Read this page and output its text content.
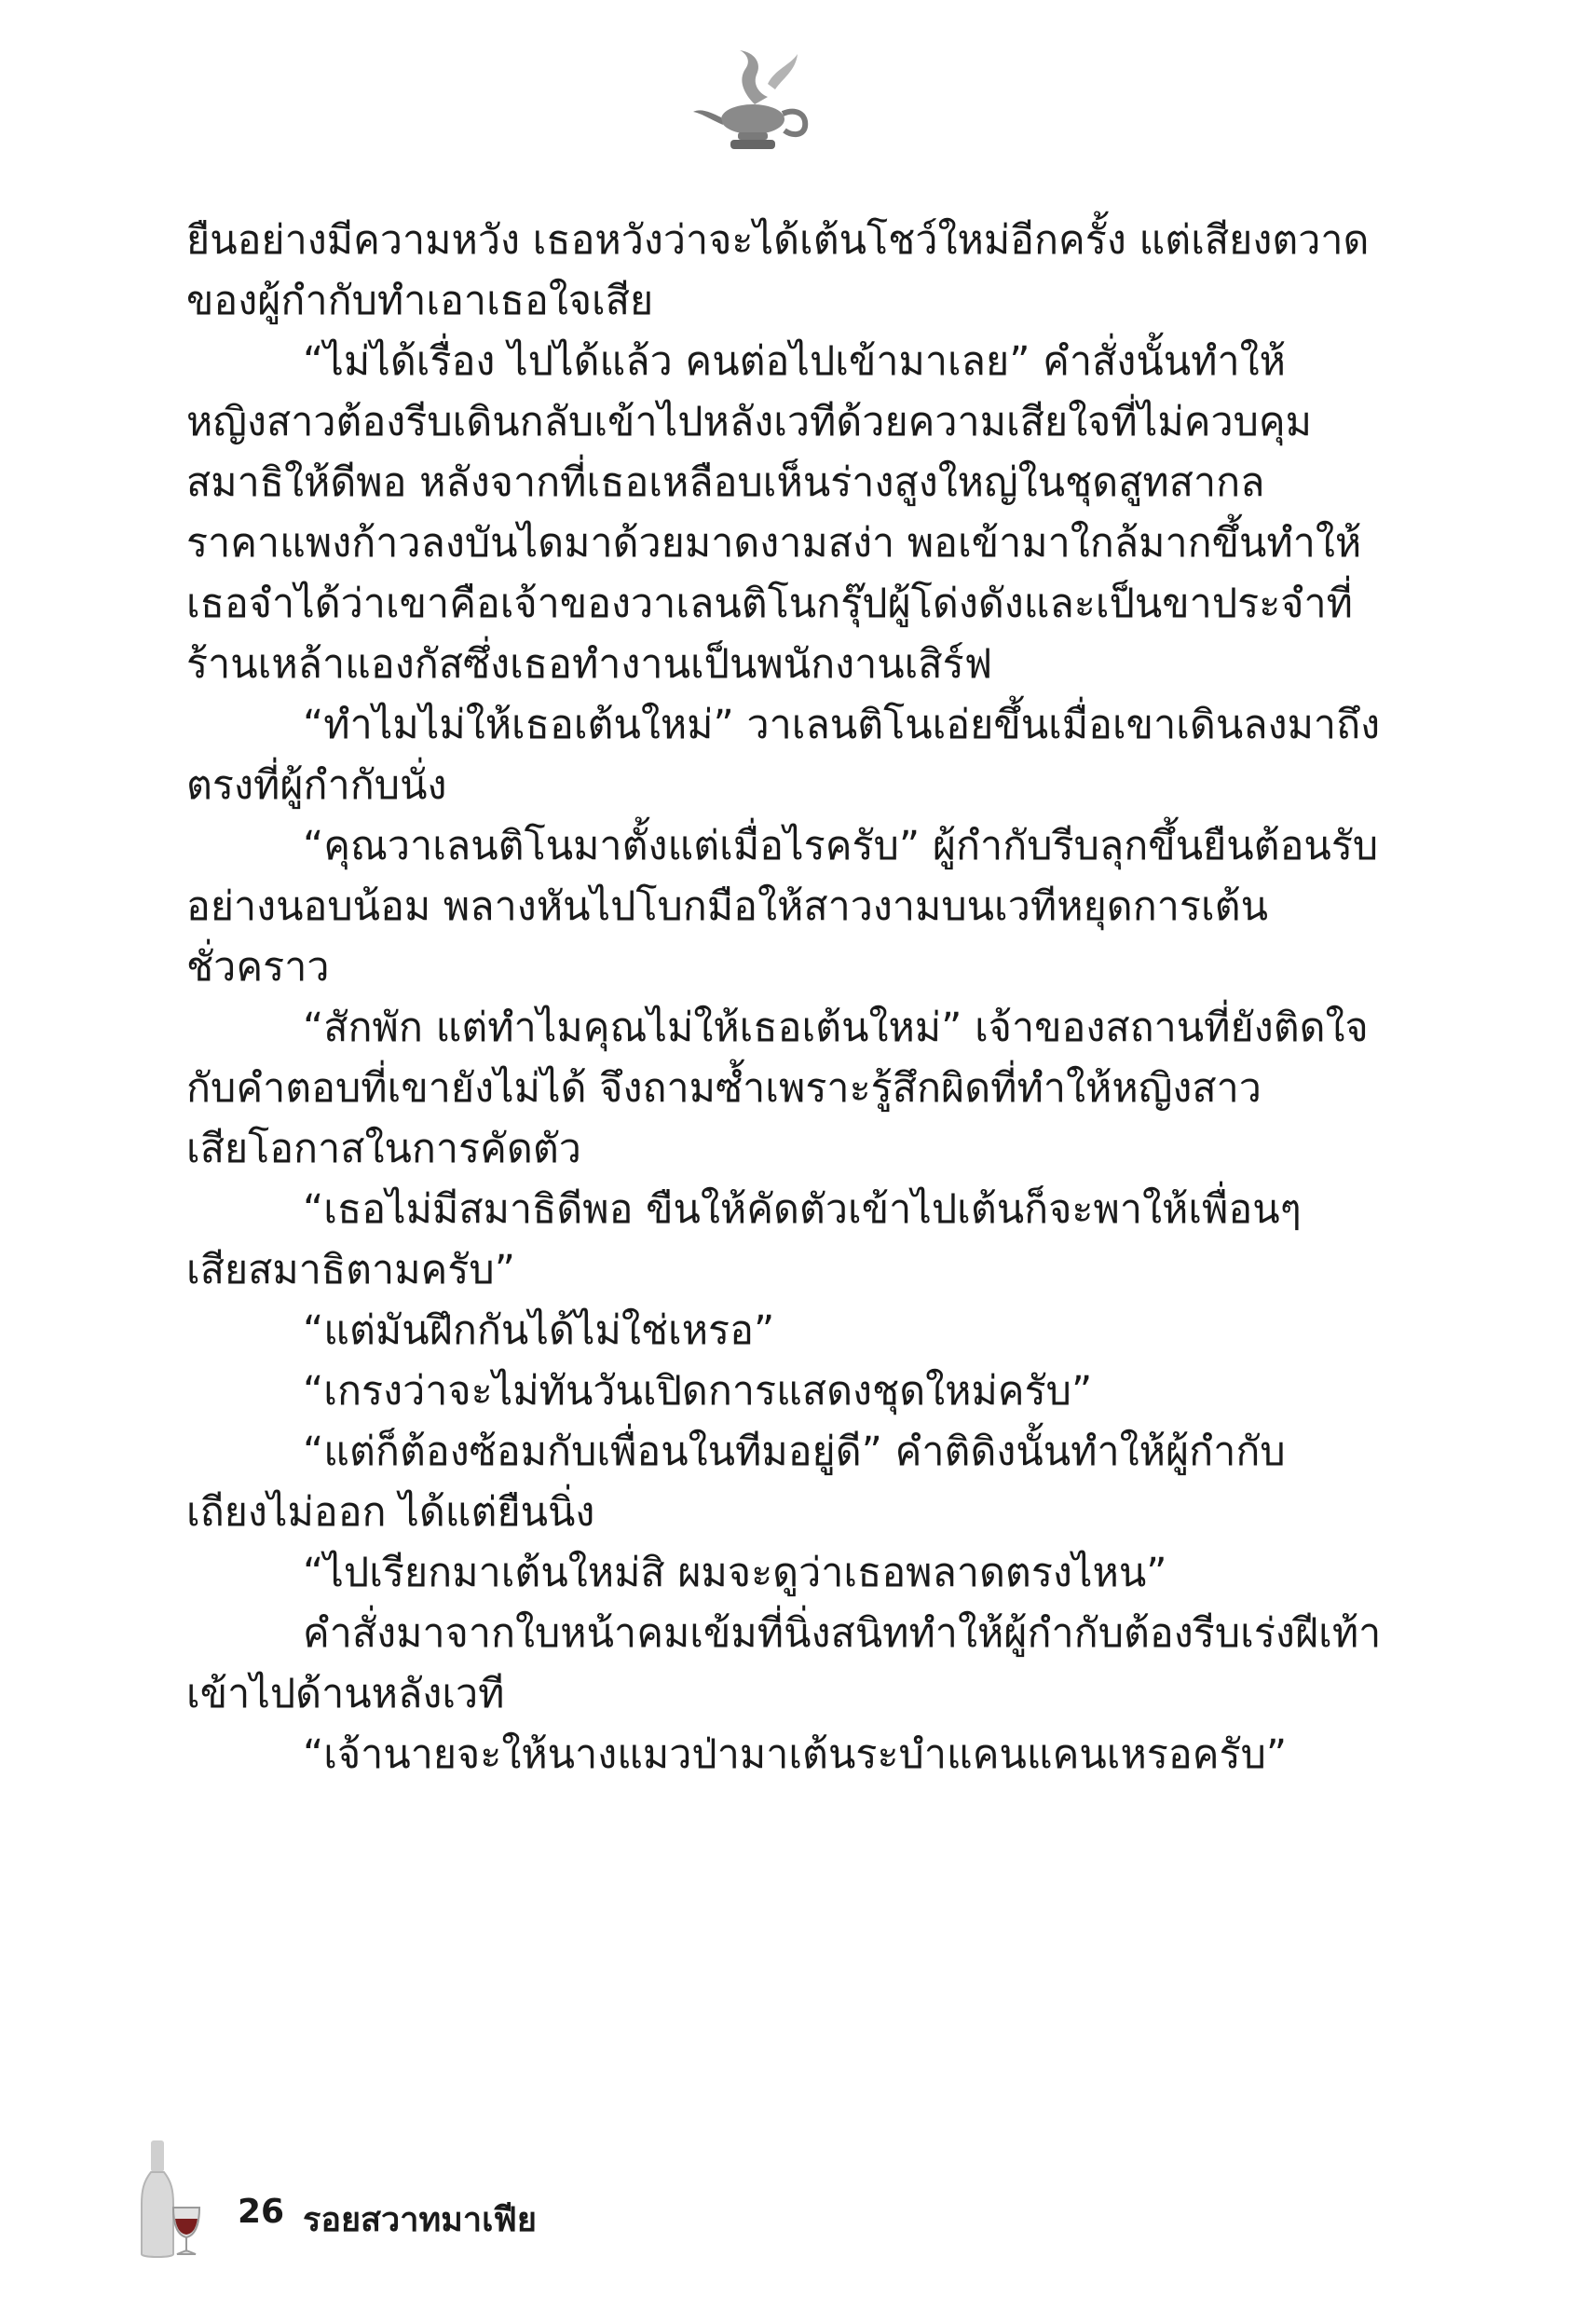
ยืนอย่างมีความหวัง เธอหวังว่าจะได้เต้นโชว์ใหม่อีกครั้ง แต่เสียงตวาด
ของผู้กำกับทำเอาเธอใจเสีย
“ไม่ได้เรื่อง ไปได้แล้ว คนต่อไปเข้ามาเลย” คำสั่งนั้นทำให้
หญิงสาวต้องรีบเดินกลับเข้าไปหลังเวทีด้วยความเสียใจที่ไม่ควบคุม
สมาธิให้ดีพอ หลังจากที่เธอเหลือบเห็นร่างสูงใหญ่ในชุดสูทสากล
ราคาแพงก้าวลงบันไดมาด้วยมาดงามสง่า พอเข้ามาใกล้มากขึ้นทำให้
เธอจำได้ว่าเขาคือเจ้าของวาเลนติโนกรุ๊ปผู้โด่งดังและเป็นขาประจำที่
ร้านเหล้าแองกัสซึ่งเธอทำงานเป็นพนักงานเสิร์ฟ
“ทำไมไม่ให้เธอเต้นใหม่” วาเลนติโนเอ่ยขึ้นเมื่อเขาเดินลงมาถึง
ตรงที่ผู้กำกับนั่ง
“คุณวาเลนติโนมาตั้งแต่เมื่อไรครับ” ผู้กำกับรีบลุกขึ้นยืนต้อนรับ
อย่างนอบน้อม พลางหันไปโบกมือให้สาวงามบนเวทีหยุดการเต้น
ชั่วคราว
“สักพัก แต่ทำไมคุณไม่ให้เธอเต้นใหม่” เจ้าของสถานที่ยังติดใจ
กับคำตอบที่เขายังไม่ได้ จึงถามซ้ำเพราะรู้สึกผิดที่ทำให้หญิงสาว
เสียโอกาสในการคัดตัว
“เธอไม่มีสมาธิดีพอ ขืนให้คัดตัวเข้าไปเต้นก็จะพาให้เพื่อนๆ
เสียสมาธิตามครับ”
“แต่มันฝึกกันได้ไม่ใช่เหรอ”
“เกรงว่าจะไม่ทันวันเปิดการแสดงชุดใหม่ครับ”
“แต่ก็ต้องซ้อมกับเพื่อนในทีมอยู่ดี” คำติดิงนั้นทำให้ผู้กำกับ
เถียงไม่ออก ได้แต่ยืนนิ่ง
“ไปเรียกมาเต้นใหม่สิ ผมจะดูว่าเธอพลาดตรงไหน”
คำสั่งมาจากใบหน้าคมเข้มที่นิ่งสนิททำให้ผู้กำกับต้องรีบเร่งฝีเท้า
เข้าไปด้านหลังเวที
“เจ้านายจะให้นางแมวป่ามาเต้นระบำแคนแคนเหรอครับ”
26 รอยสวาทมาเฟีย
